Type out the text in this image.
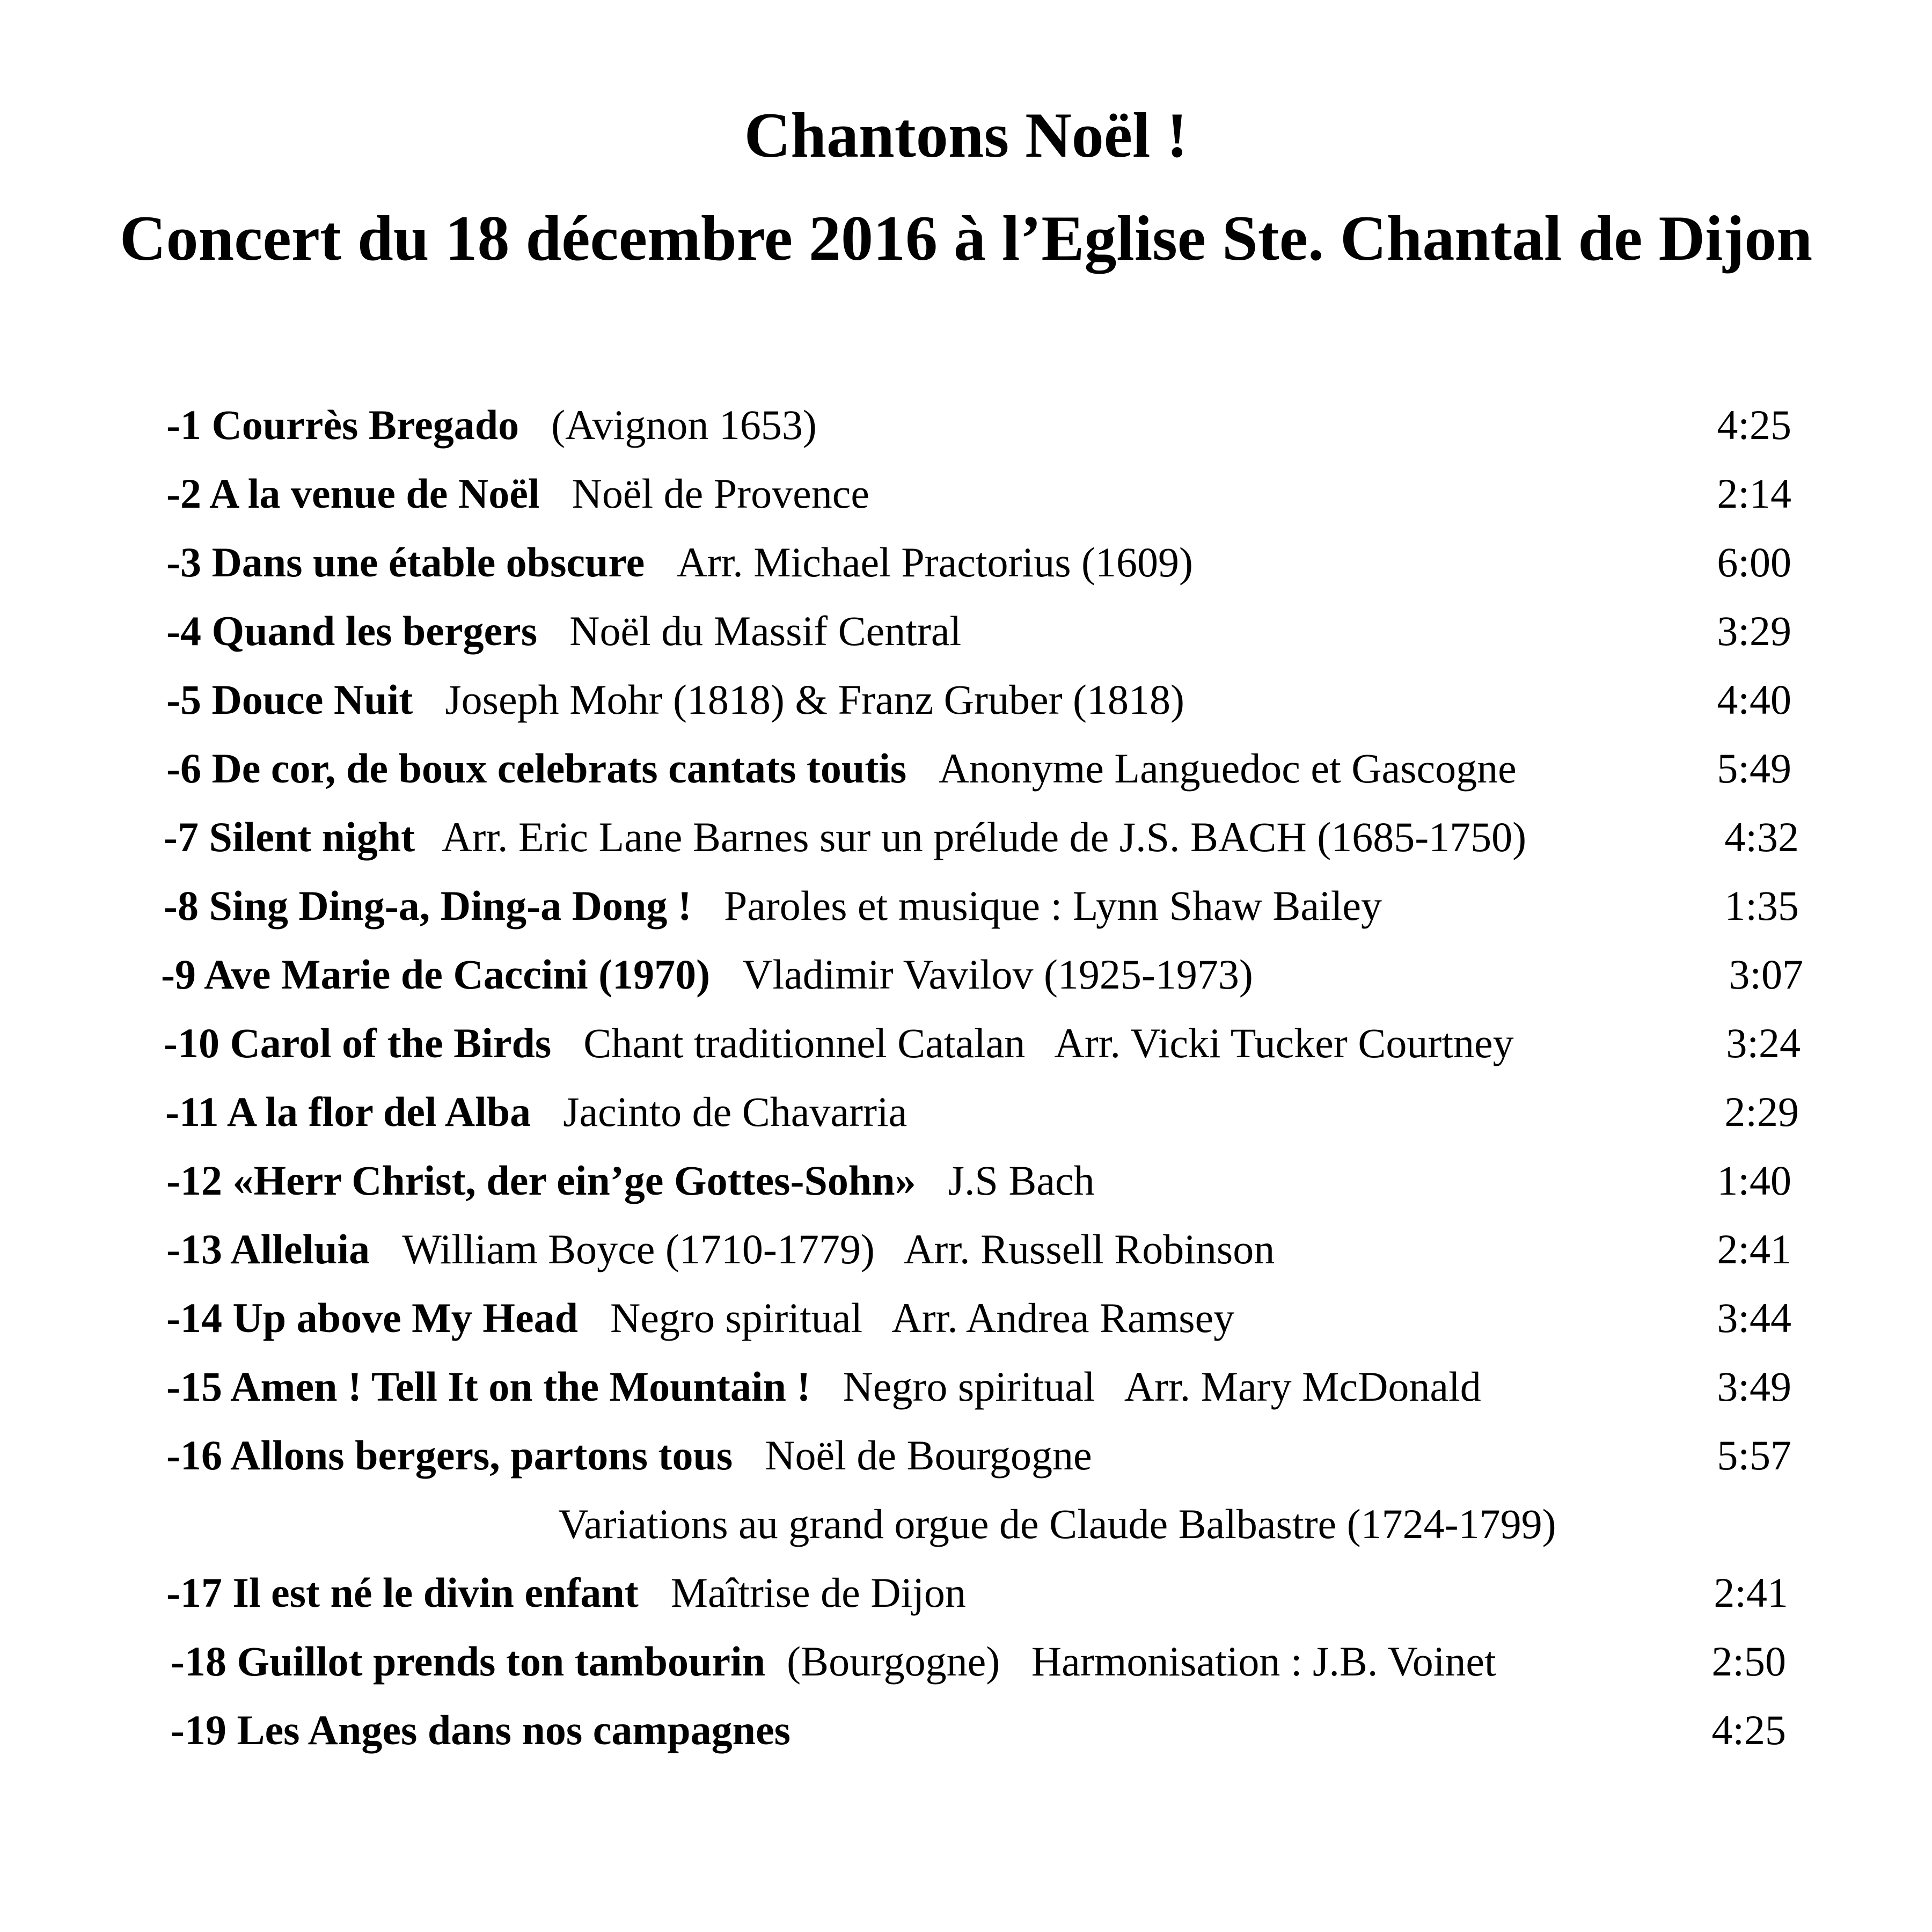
Chantons Noël !
Concert du 18 décembre 2016 à l’Eglise Ste. Chantal de Dijon
-1 Courrès Bregado (Avignon 1653)	4:25
-2 A la venue de Noël Noël de Provence	2:14
-3 Dans une étable obscure Arr. Michael Practorius (1609)	6:00
-4 Quand les bergers Noël du Massif Central	3:29
-5 Douce Nuit Joseph Mohr (1818) & Franz Gruber (1818)	4:40
-6 De cor, de boux celebrats cantats toutis Anonyme Languedoc et Gascogne	5:49
-7 Silent night Arr. Eric Lane Barnes sur un prélude de J.S. BACH (1685-1750)	4:32
-8 Sing Ding-a, Ding-a Dong ! Paroles et musique : Lynn Shaw Bailey	1:35
-9 Ave Marie de Caccini (1970) Vladimir Vavilov (1925-1973)	3:07
-10 Carol of the Birds Chant traditionnel Catalan   Arr. Vicki Tucker Courtney	3:24
-11 A la flor del Alba Jacinto de Chavarria	2:29
-12 «Herr Christ, der ein’ge Gottes-Sohn» J.S Bach	1:40
-13 Alleluia William Boyce (1710-1779)   Arr. Russell Robinson	2:41
-14 Up above My Head Negro spiritual   Arr. Andrea Ramsey	3:44
-15 Amen ! Tell It on the Mountain ! Negro spiritual   Arr. Mary McDonald	3:49
-16 Allons bergers, partons tous Noël de Bourgogne	5:57
Variations au grand orgue de Claude Balbastre (1724-1799)
-17 Il est né le divin enfant Maîtrise de Dijon	2:41
-18 Guillot prends ton tambourin (Bourgogne)   Harmonisation : J.B. Voinet	2:50
-19 Les Anges dans nos campagnes	4:25
